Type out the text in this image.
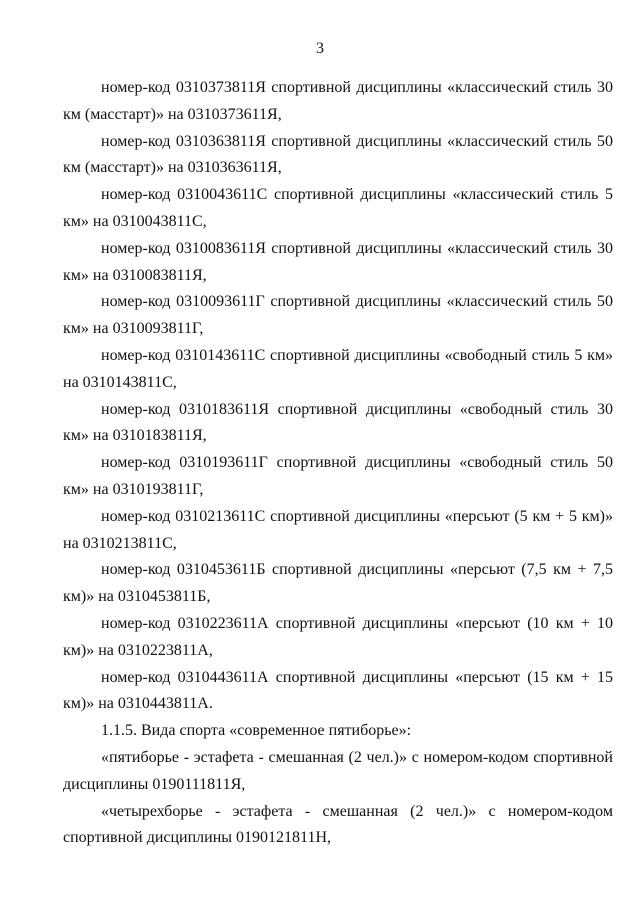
3

номер-код 0310373811Я спортивной дисциплины «классический стиль 30 км (масстарт)» на 0310373611Я,

номер-код 0310363811Я спортивной дисциплины «классический стиль 50 км (масстарт)» на 0310363611Я,

номер-код 0310043611С спортивной дисциплины «классический стиль 5 км» на 0310043811С,

номер-код 0310083611Я спортивной дисциплины «классический стиль 30 км» на 0310083811Я,

номер-код 0310093611Г спортивной дисциплины «классический стиль 50 км» на 0310093811Г,

номер-код 0310143611С спортивной дисциплины «свободный стиль 5 км» на 0310143811С,

номер-код 0310183611Я спортивной дисциплины «свободный стиль 30 км» на 0310183811Я,

номер-код 0310193611Г спортивной дисциплины «свободный стиль 50 км» на 0310193811Г,

номер-код 0310213611С спортивной дисциплины «персьют (5 км + 5 км)» на 0310213811С,

номер-код 0310453611Б спортивной дисциплины «персьют (7,5 км + 7,5 км)» на 0310453811Б,

номер-код 0310223611А спортивной дисциплины «персьют (10 км + 10 км)» на 0310223811А,

номер-код 0310443611А спортивной дисциплины «персьют (15 км + 15 км)» на 0310443811А.

1.1.5. Вида спорта «современное пятиборье»:

«пятиборье - эстафета - смешанная (2 чел.)» с номером-кодом спортивной дисциплины 0190111811Я,

«четырехборье - эстафета - смешанная (2 чел.)» с номером-кодом спортивной дисциплины 0190121811Н,
